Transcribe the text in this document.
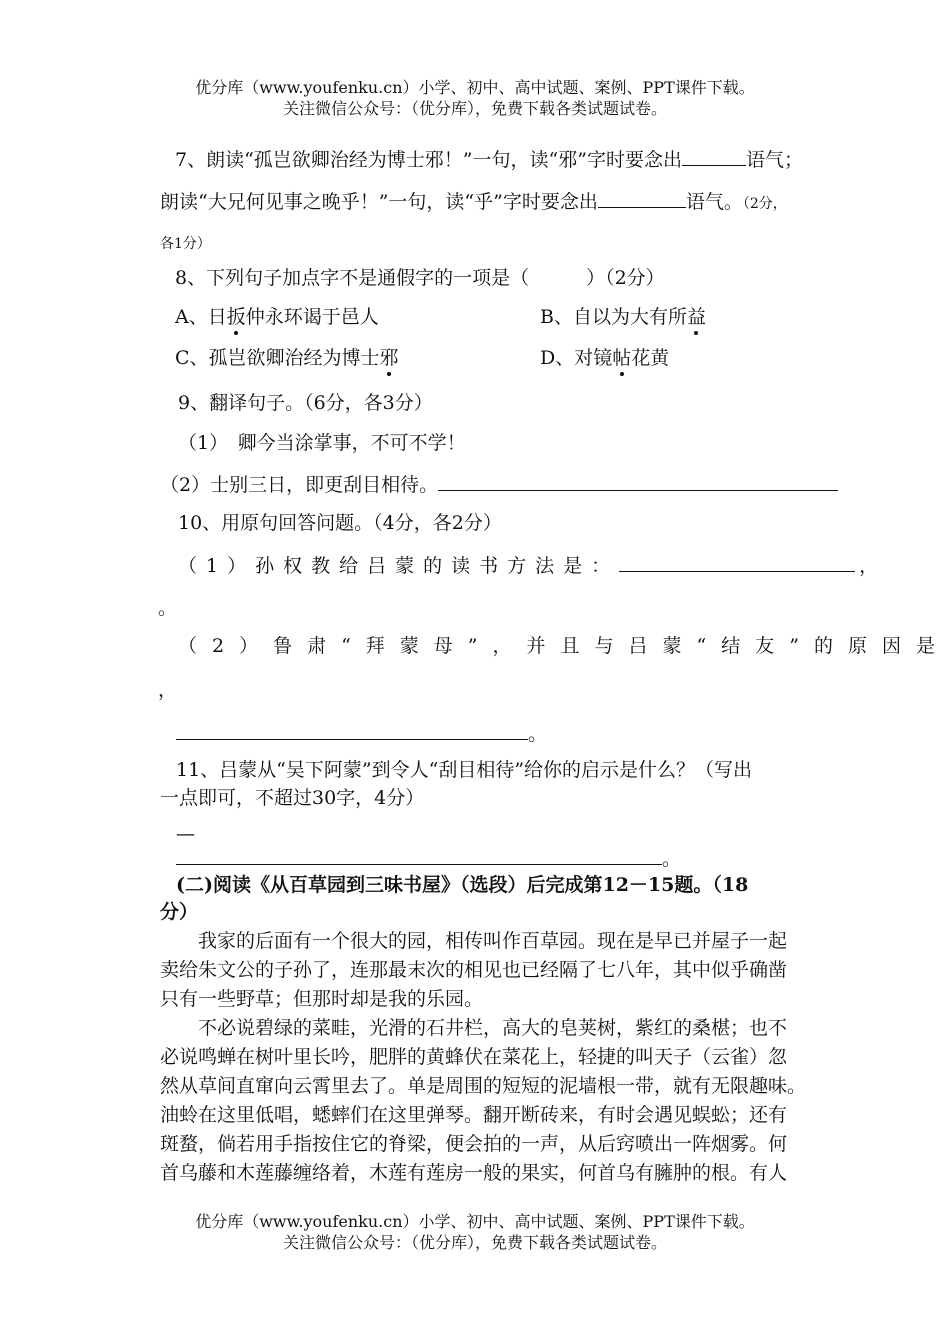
优分库（www.youfenku.cn）小学、初中、高中试题、案例、PPT课件下载。
关注微信公众号：（优分库），免费下载各类试题试卷。
7、朗读“孤岂欲卿治经为博士邪！”一句，读“邪”字时要念出	语气；
朗读“大兄何见事之晚乎！”一句，读“乎”字时要念出	语气。（2分，
各1分）
8、下列句子加点字不是通假字的一项是（　　　）（2分）
A、日扳仲永环谒于邑人	B、自以为大有所益
C、孤岂欲卿治经为博士邪	D、对镜帖花黄
9、翻译句子。（6分，各3分）
（1）　卿今当涂掌事，不可不学！
（2）士别三日，即更刮目相待。
10、用原句回答问题。（4分，各2分）
（1）孙权教给吕蒙的读书方法是：	，
。
（2）鲁肃“拜蒙母”，并且与吕蒙“结友”的原因是
，
。
11、吕蒙从“吴下阿蒙”到令人“刮目相待”给你的启示是什么？（写出
一点即可，不超过30字，4分）
—
。
(二)阅读《从百草园到三味书屋》（选段）后完成第12－15题。（18
分）
　　我家的后面有一个很大的园，相传叫作百草园。现在是早已并屋子一起
卖给朱文公的子孙了，连那最末次的相见也已经隔了七八年，其中似乎确凿
只有一些野草；但那时却是我的乐园。
　　不必说碧绿的菜畦，光滑的石井栏，高大的皂荚树，紫红的桑椹；也不
必说鸣蝉在树叶里长吟，肥胖的黄蜂伏在菜花上，轻捷的叫天子（云雀）忽
然从草间直窜向云霄里去了。单是周围的短短的泥墙根一带，就有无限趣味。
油蛉在这里低唱，蟋蟀们在这里弹琴。翻开断砖来，有时会遇见蜈蚣；还有
斑蝥，倘若用手指按住它的脊梁，便会拍的一声，从后窍喷出一阵烟雾。何
首乌藤和木莲藤缠络着，木莲有莲房一般的果实，何首乌有臃肿的根。有人
优分库（www.youfenku.cn）小学、初中、高中试题、案例、PPT课件下载。
关注微信公众号：（优分库），免费下载各类试题试卷。
